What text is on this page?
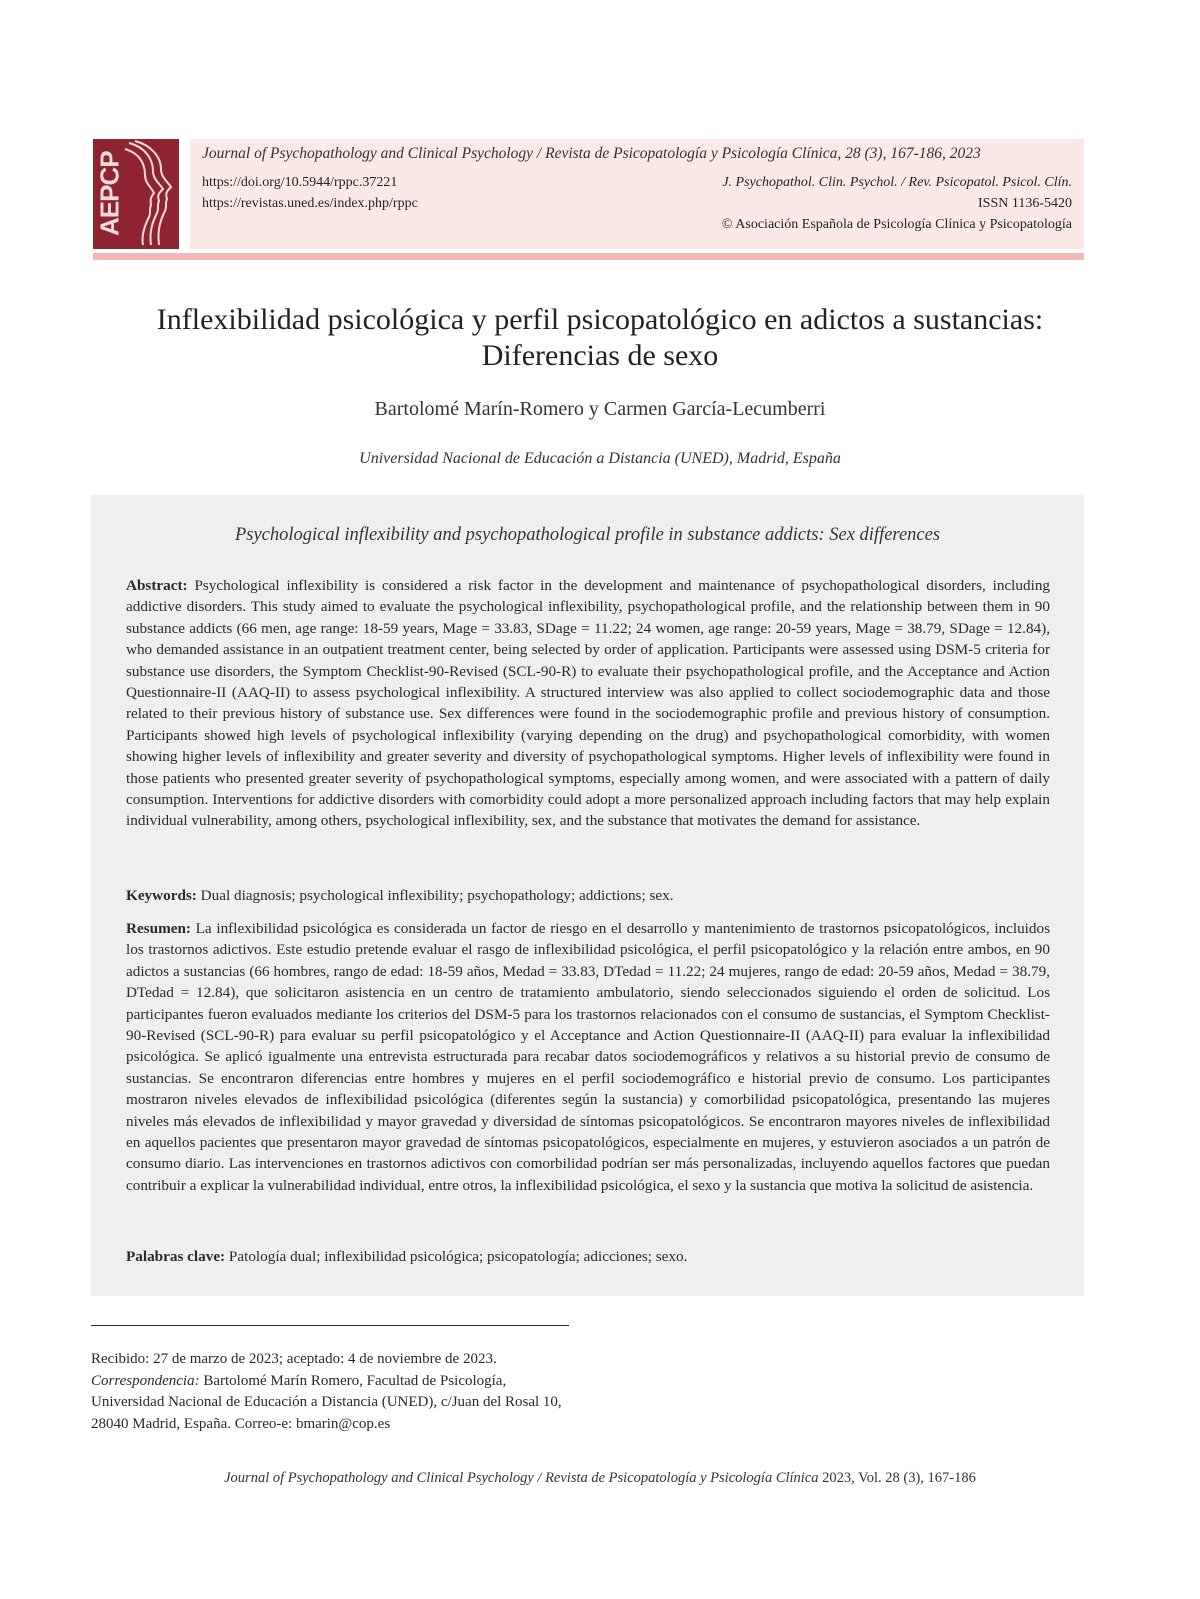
AEPCP	Journal of Psychopathology and Clinical Psychology / Revista de Psicopatología y Psicología Clínica, 28 (3), 167-186, 2023
https://doi.org/10.5944/rppc.37221
https://revistas.uned.es/index.php/rppc
J. Psychopathol. Clin. Psychol. / Rev. Psicopatol. Psicol. Clín.
ISSN 1136-5420
© Asociación Española de Psicología Clínica y Psicopatología
Inflexibilidad psicológica y perfil psicopatológico en adictos a sustancias:
Diferencias de sexo
Bartolomé Marín-Romero y Carmen García-Lecumberri
Universidad Nacional de Educación a Distancia (UNED), Madrid, España
Psychological inflexibility and psychopathological profile in substance addicts: Sex differences
Abstract: Psychological inflexibility is considered a risk factor in the development and maintenance of psychopathological disorders, including addictive disorders. This study aimed to evaluate the psychological inflexibility, psychopathological profile, and the relationship between them in 90 substance addicts (66 men, age range: 18-59 years, Mage = 33.83, SDage = 11.22; 24 women, age range: 20-59 years, Mage = 38.79, SDage = 12.84), who demanded assistance in an outpatient treatment center, being selected by order of application. Participants were assessed using DSM-5 criteria for substance use disorders, the Symptom Checklist-90-Revised (SCL-90-R) to evaluate their psychopathological profile, and the Acceptance and Action Questionnaire-II (AAQ-II) to assess psychological inflexibility. A structured interview was also applied to collect sociodemographic data and those related to their previous history of substance use. Sex differences were found in the sociodemographic profile and previous history of consumption. Participants showed high levels of psychological inflexibility (varying depending on the drug) and psychopathological comorbidity, with women showing higher levels of inflexibility and greater severity and diversity of psychopathological symptoms. Higher levels of inflexibility were found in those patients who presented greater severity of psychopathological symptoms, especially among women, and were associated with a pattern of daily consumption. Interventions for addictive disorders with comorbidity could adopt a more personalized approach including factors that may help explain individual vulnerability, among others, psychological inflexibility, sex, and the substance that motivates the demand for assistance.
Keywords: Dual diagnosis; psychological inflexibility; psychopathology; addictions; sex.
Resumen: La inflexibilidad psicológica es considerada un factor de riesgo en el desarrollo y mantenimiento de trastornos psicopatológicos, incluidos los trastornos adictivos. Este estudio pretende evaluar el rasgo de inflexibilidad psicológica, el perfil psicopatológico y la relación entre ambos, en 90 adictos a sustancias (66 hombres, rango de edad: 18-59 años, Medad = 33.83, DTedad = 11.22; 24 mujeres, rango de edad: 20-59 años, Medad = 38.79, DTedad = 12.84), que solicitaron asistencia en un centro de tratamiento ambulatorio, siendo seleccionados siguiendo el orden de solicitud. Los participantes fueron evaluados mediante los criterios del DSM-5 para los trastornos relacionados con el consumo de sustancias, el Symptom Checklist-90-Revised (SCL-90-R) para evaluar su perfil psicopatológico y el Acceptance and Action Questionnaire-II (AAQ-II) para evaluar la inflexibilidad psicológica. Se aplicó igualmente una entrevista estructurada para recabar datos sociodemográficos y relativos a su historial previo de consumo de sustancias. Se encontraron diferencias entre hombres y mujeres en el perfil sociodemográfico e historial previo de consumo. Los participantes mostraron niveles elevados de inflexibilidad psicológica (diferentes según la sustancia) y comorbilidad psicopatológica, presentando las mujeres niveles más elevados de inflexibilidad y mayor gravedad y diversidad de síntomas psicopatológicos. Se encontraron mayores niveles de inflexibilidad en aquellos pacientes que presentaron mayor gravedad de síntomas psicopatológicos, especialmente en mujeres, y estuvieron asociados a un patrón de consumo diario. Las intervenciones en trastornos adictivos con comorbilidad podrían ser más personalizadas, incluyendo aquellos factores que puedan contribuir a explicar la vulnerabilidad individual, entre otros, la inflexibilidad psicológica, el sexo y la sustancia que motiva la solicitud de asistencia.
Palabras clave: Patología dual; inflexibilidad psicológica; psicopatología; adicciones; sexo.
Recibido: 27 de marzo de 2023; aceptado: 4 de noviembre de 2023.
Correspondencia: Bartolomé Marín Romero, Facultad de Psicología, Universidad Nacional de Educación a Distancia (UNED), c/Juan del Rosal 10, 28040 Madrid, España. Correo-e: bmarin@cop.es
Journal of Psychopathology and Clinical Psychology / Revista de Psicopatología y Psicología Clínica 2023, Vol. 28 (3), 167-186
